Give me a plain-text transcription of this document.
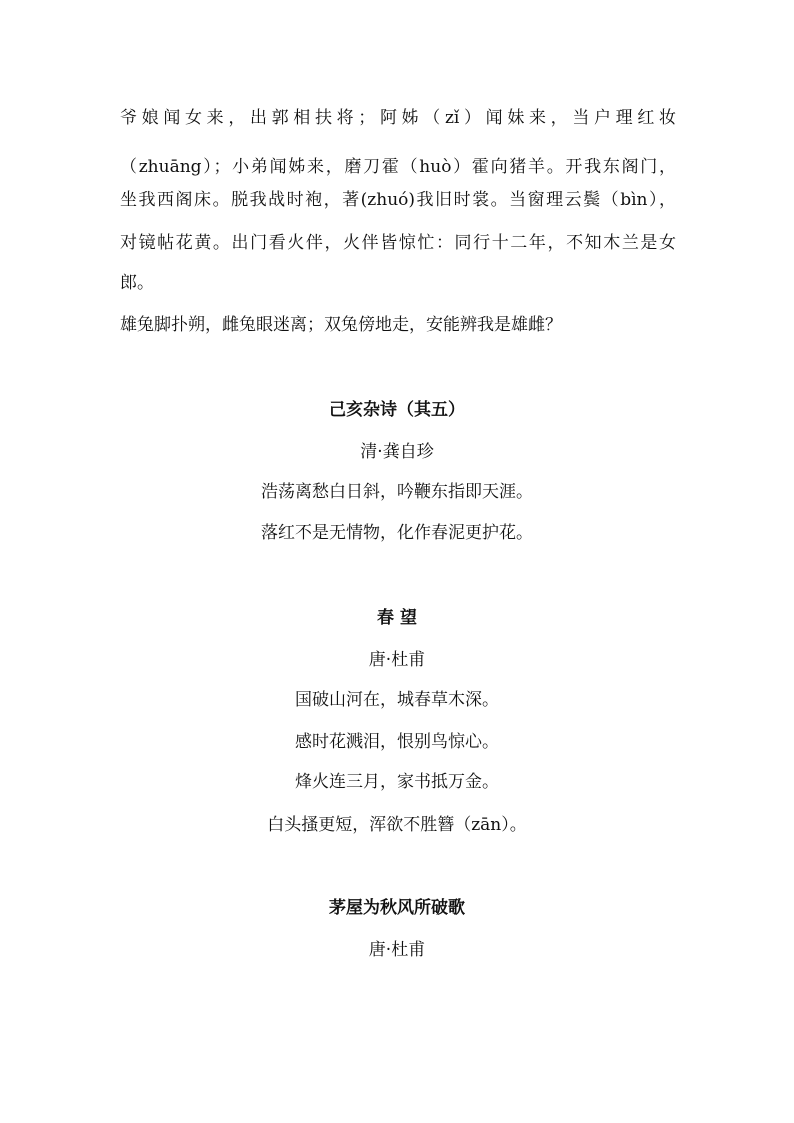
爷娘闻女来，出郭相扶将；阿姊（zǐ）闻妹来，当户理红妆
（zhuāng）；小弟闻姊来，磨刀霍（huò）霍向猪羊。开我东阁门，
坐我西阁床。脱我战时袍，著(zhuó)我旧时裳。当窗理云鬓（bìn），
对镜帖花黄。出门看火伴，火伴皆惊忙：同行十二年，不知木兰是女
郎。
雄兔脚扑朔，雌兔眼迷离；双兔傍地走，安能辨我是雄雌？
己亥杂诗（其五）
清·龚自珍
浩荡离愁白日斜，吟鞭东指即天涯。
落红不是无情物，化作春泥更护花。
春 望
唐·杜甫
国破山河在，城春草木深。
感时花溅泪，恨别鸟惊心。
烽火连三月，家书抵万金。
白头搔更短，浑欲不胜簪（zān）。
茅屋为秋风所破歌
唐·杜甫
